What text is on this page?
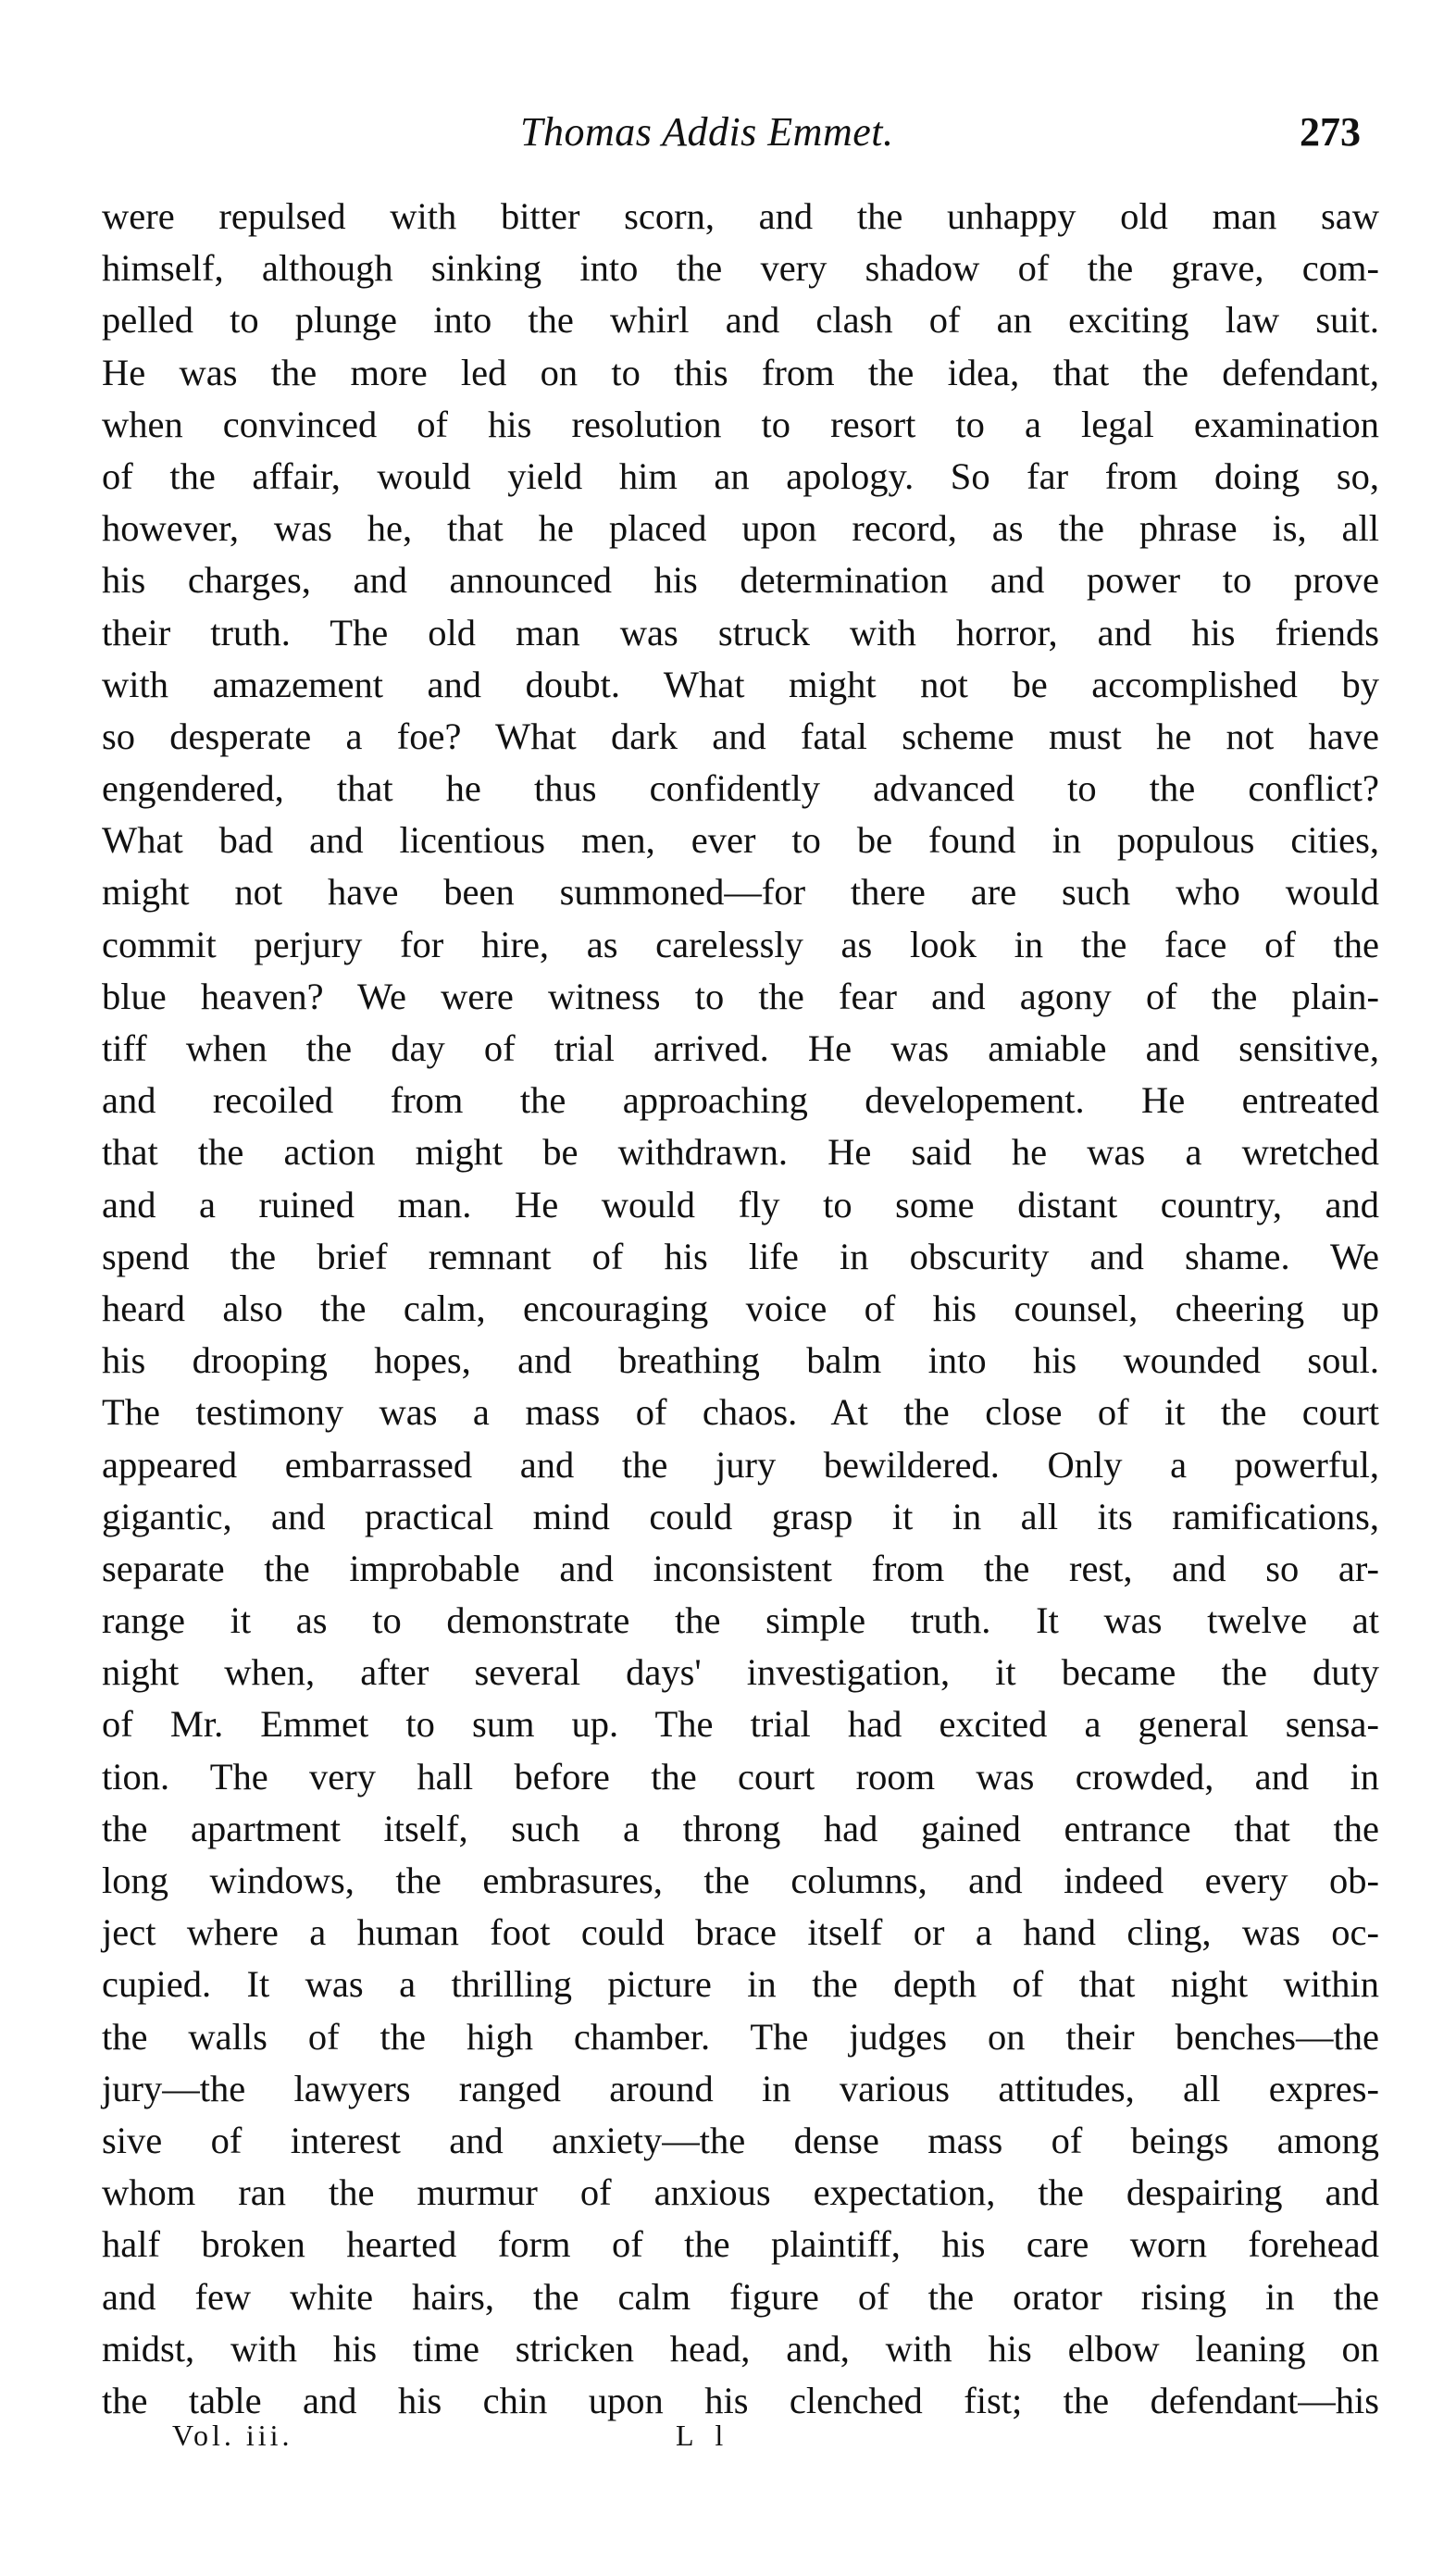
Thomas Addis Emmet.	273
were repulsed with bitter scorn, and the unhappy old man saw
himself, although sinking into the very shadow of the grave, com-
pelled to plunge into the whirl and clash of an exciting law suit.
He was the more led on to this from the idea, that the defendant,
when convinced of his resolution to resort to a legal examination
of the affair, would yield him an apology. So far from doing so,
however, was he, that he placed upon record, as the phrase is, all
his charges, and announced his determination and power to prove
their truth. The old man was struck with horror, and his friends
with amazement and doubt. What might not be accomplished by
so desperate a foe? What dark and fatal scheme must he not have
engendered, that he thus confidently advanced to the conflict?
What bad and licentious men, ever to be found in populous cities,
might not have been summoned—for there are such who would
commit perjury for hire, as carelessly as look in the face of the
blue heaven? We were witness to the fear and agony of the plain-
tiff when the day of trial arrived. He was amiable and sensitive,
and recoiled from the approaching developement. He entreated
that the action might be withdrawn. He said he was a wretched
and a ruined man. He would fly to some distant country, and
spend the brief remnant of his life in obscurity and shame. We
heard also the calm, encouraging voice of his counsel, cheering up
his drooping hopes, and breathing balm into his wounded soul.
The testimony was a mass of chaos. At the close of it the court
appeared embarrassed and the jury bewildered. Only a powerful,
gigantic, and practical mind could grasp it in all its ramifications,
separate the improbable and inconsistent from the rest, and so ar-
range it as to demonstrate the simple truth. It was twelve at
night when, after several days' investigation, it became the duty
of Mr. Emmet to sum up. The trial had excited a general sensa-
tion. The very hall before the court room was crowded, and in
the apartment itself, such a throng had gained entrance that the
long windows, the embrasures, the columns, and indeed every ob-
ject where a human foot could brace itself or a hand cling, was oc-
cupied. It was a thrilling picture in the depth of that night within
the walls of the high chamber. The judges on their benches—the
jury—the lawyers ranged around in various attitudes, all expres-
sive of interest and anxiety—the dense mass of beings among
whom ran the murmur of anxious expectation, the despairing and
half broken hearted form of the plaintiff, his care worn forehead
and few white hairs, the calm figure of the orator rising in the
midst, with his time stricken head, and, with his elbow leaning on
the table and his chin upon his clenched fist; the defendant—his
Vol. iii.	L l
